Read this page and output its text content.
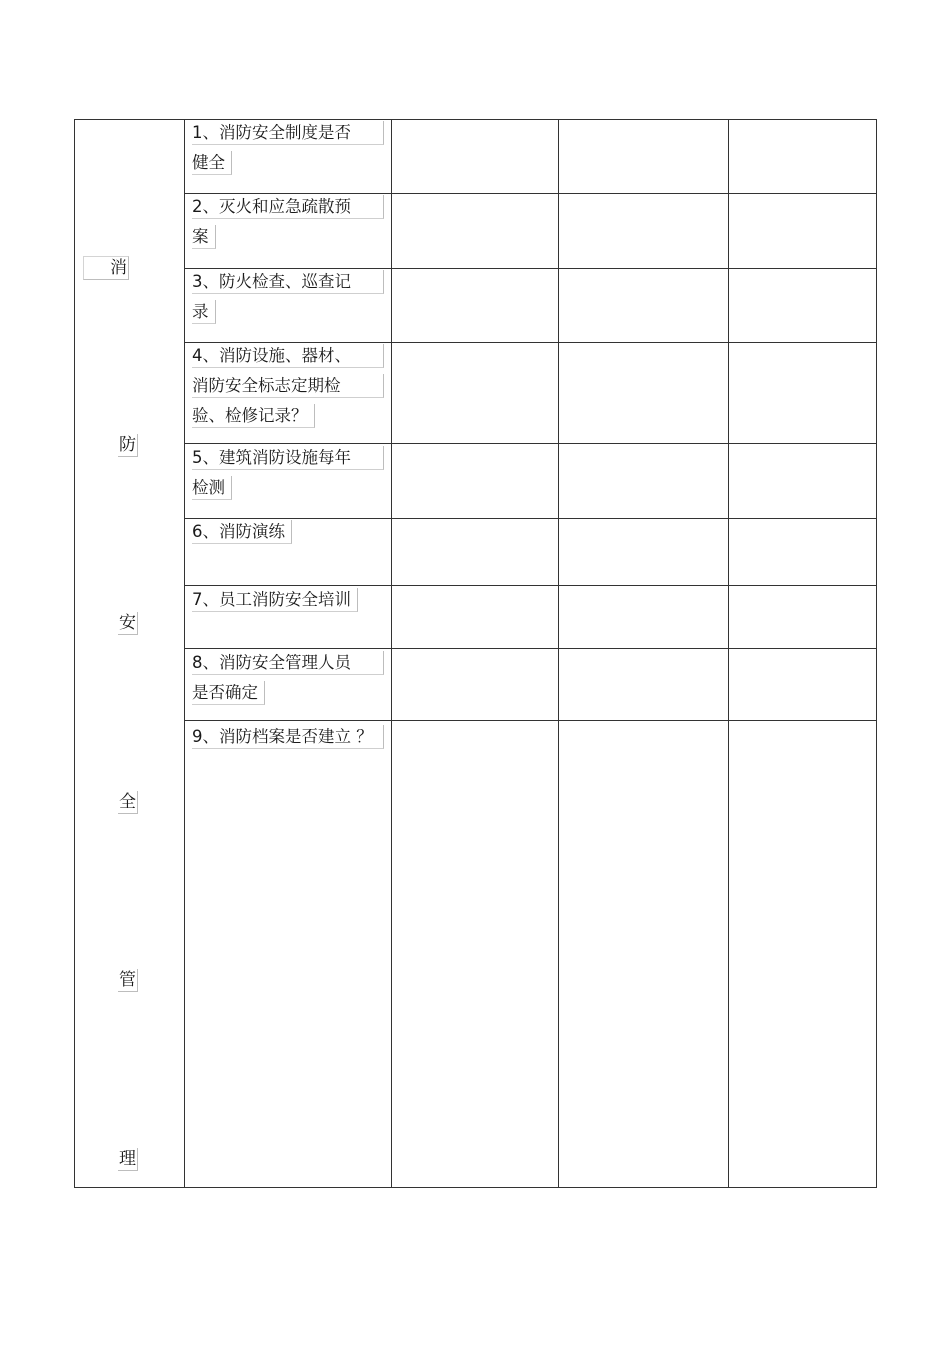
消
防
安
全
管
理
1、消防安全制度是否
健全
2、灭火和应急疏散预
案
3、防火检查、巡查记
录
4、消防设施、器材、
消防安全标志定期检
验、检修记录？
5、建筑消防设施每年
检测
6、消防演练
7、员工消防安全培训
8、消防安全管理人员
是否确定
9、消防档案是否建立 ？
